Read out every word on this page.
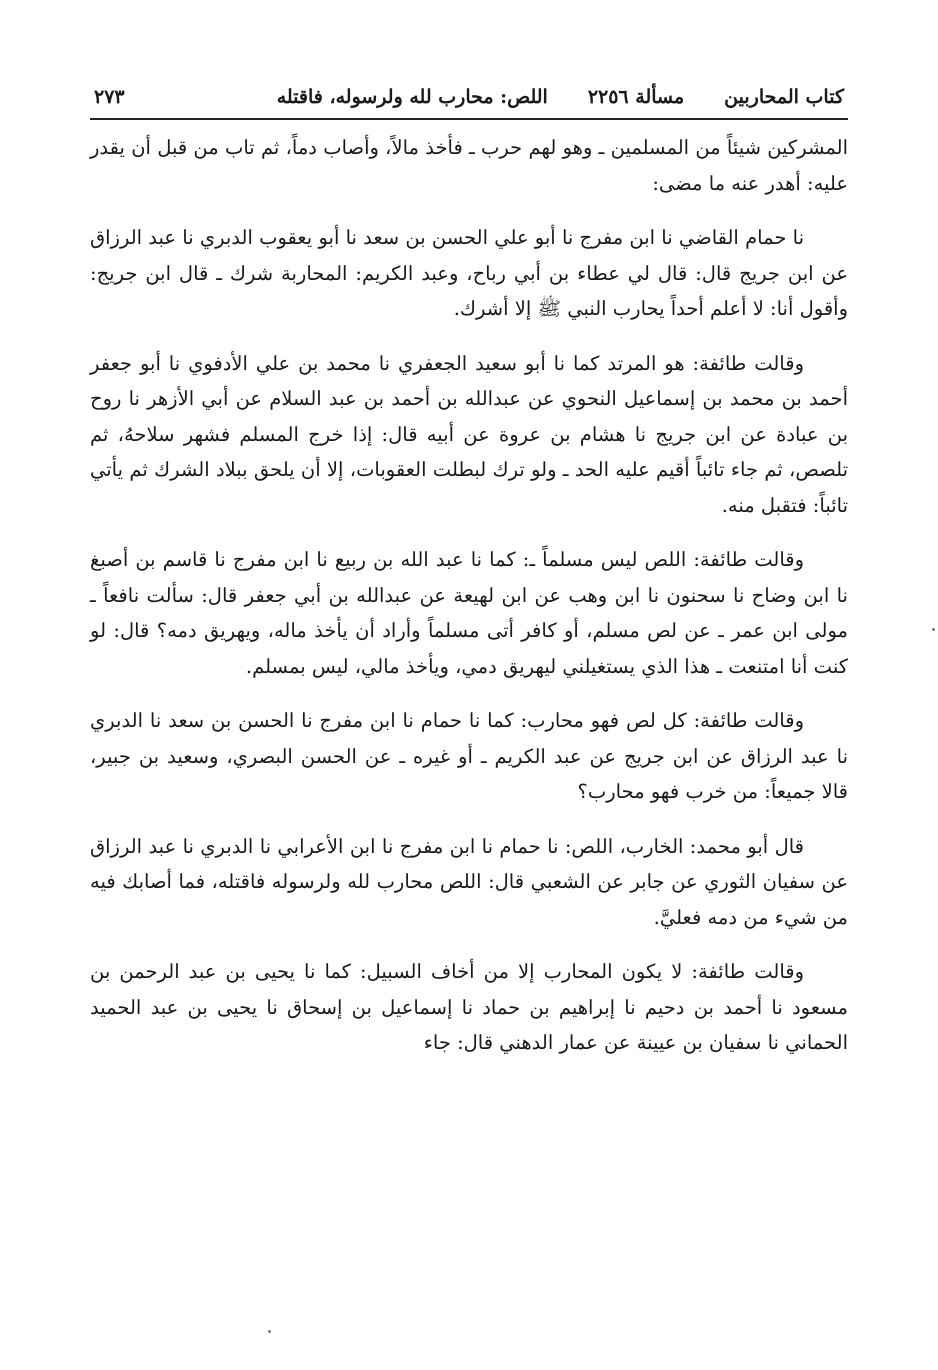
كتاب المحاربين
مسألة ٢٢٥٦
اللص: محارب لله ولرسوله، فاقتله
٢٧٣

المشركين شيئاً من المسلمين ـ وهو لهم حرب ـ فأخذ مالاً، وأصاب دماً، ثم تاب من قبل أن يقدر عليه: أهدر عنه ما مضى:

نا حمام القاضي نا ابن مفرج نا أبو علي الحسن بن سعد نا أبو يعقوب الدبري نا عبد الرزاق عن ابن جريج قال: قال لي عطاء بن أبي رباح، وعبد الكريم: المحاربة شرك ـ قال ابن جريج: وأقول أنا: لا أعلم أحداً يحارب النبي ﷺ إلا أشرك.

وقالت طائفة: هو المرتد كما نا أبو سعيد الجعفري نا محمد بن علي الأدفوي نا أبو جعفر أحمد بن محمد بن إسماعيل النحوي عن عبدالله بن أحمد بن عبد السلام عن أبي الأزهر نا روح بن عبادة عن ابن جريج نا هشام بن عروة عن أبيه قال: إذا خرج المسلم فشهر سلاحهُ، ثم تلصص، ثم جاء تائباً أقيم عليه الحد ـ ولو ترك لبطلت العقوبات، إلا أن يلحق ببلاد الشرك ثم يأتي تائباً: فتقبل منه.

وقالت طائفة: اللص ليس مسلماً ـ: كما نا عبد الله بن ربيع نا ابن مفرج نا قاسم بن أصبغ نا ابن وضاح نا سحنون نا ابن وهب عن ابن لهيعة عن عبدالله بن أبي جعفر قال: سألت نافعاً ـ مولى ابن عمر ـ عن لص مسلم، أو كافر أتى مسلماً وأراد أن يأخذ ماله، ويهريق دمه؟ قال: لو كنت أنا امتنعت ـ هذا الذي يستغيلني ليهريق دمي، ويأخذ مالي، ليس بمسلم.

وقالت طائفة: كل لص فهو محارب: كما نا حمام نا ابن مفرج نا الحسن بن سعد نا الدبري نا عبد الرزاق عن ابن جريج عن عبد الكريم ـ أو غيره ـ عن الحسن البصري، وسعيد بن جبير، قالا جميعاً: من خرب فهو محارب؟

قال أبو محمد: الخارب، اللص: نا حمام نا ابن مفرج نا ابن الأعرابي نا الدبري نا عبد الرزاق عن سفيان الثوري عن جابر عن الشعبي قال: اللص محارب لله ولرسوله فاقتله، فما أصابك فيه من شيء من دمه فعليَّ.

وقالت طائفة: لا يكون المحارب إلا من أخاف السبيل: كما نا يحيى بن عبد الرحمن بن مسعود نا أحمد بن دحيم نا إبراهيم بن حماد نا إسماعيل بن إسحاق نا يحيى بن عبد الحميد الحماني نا سفيان بن عيينة عن عمار الدهني قال: جاء
